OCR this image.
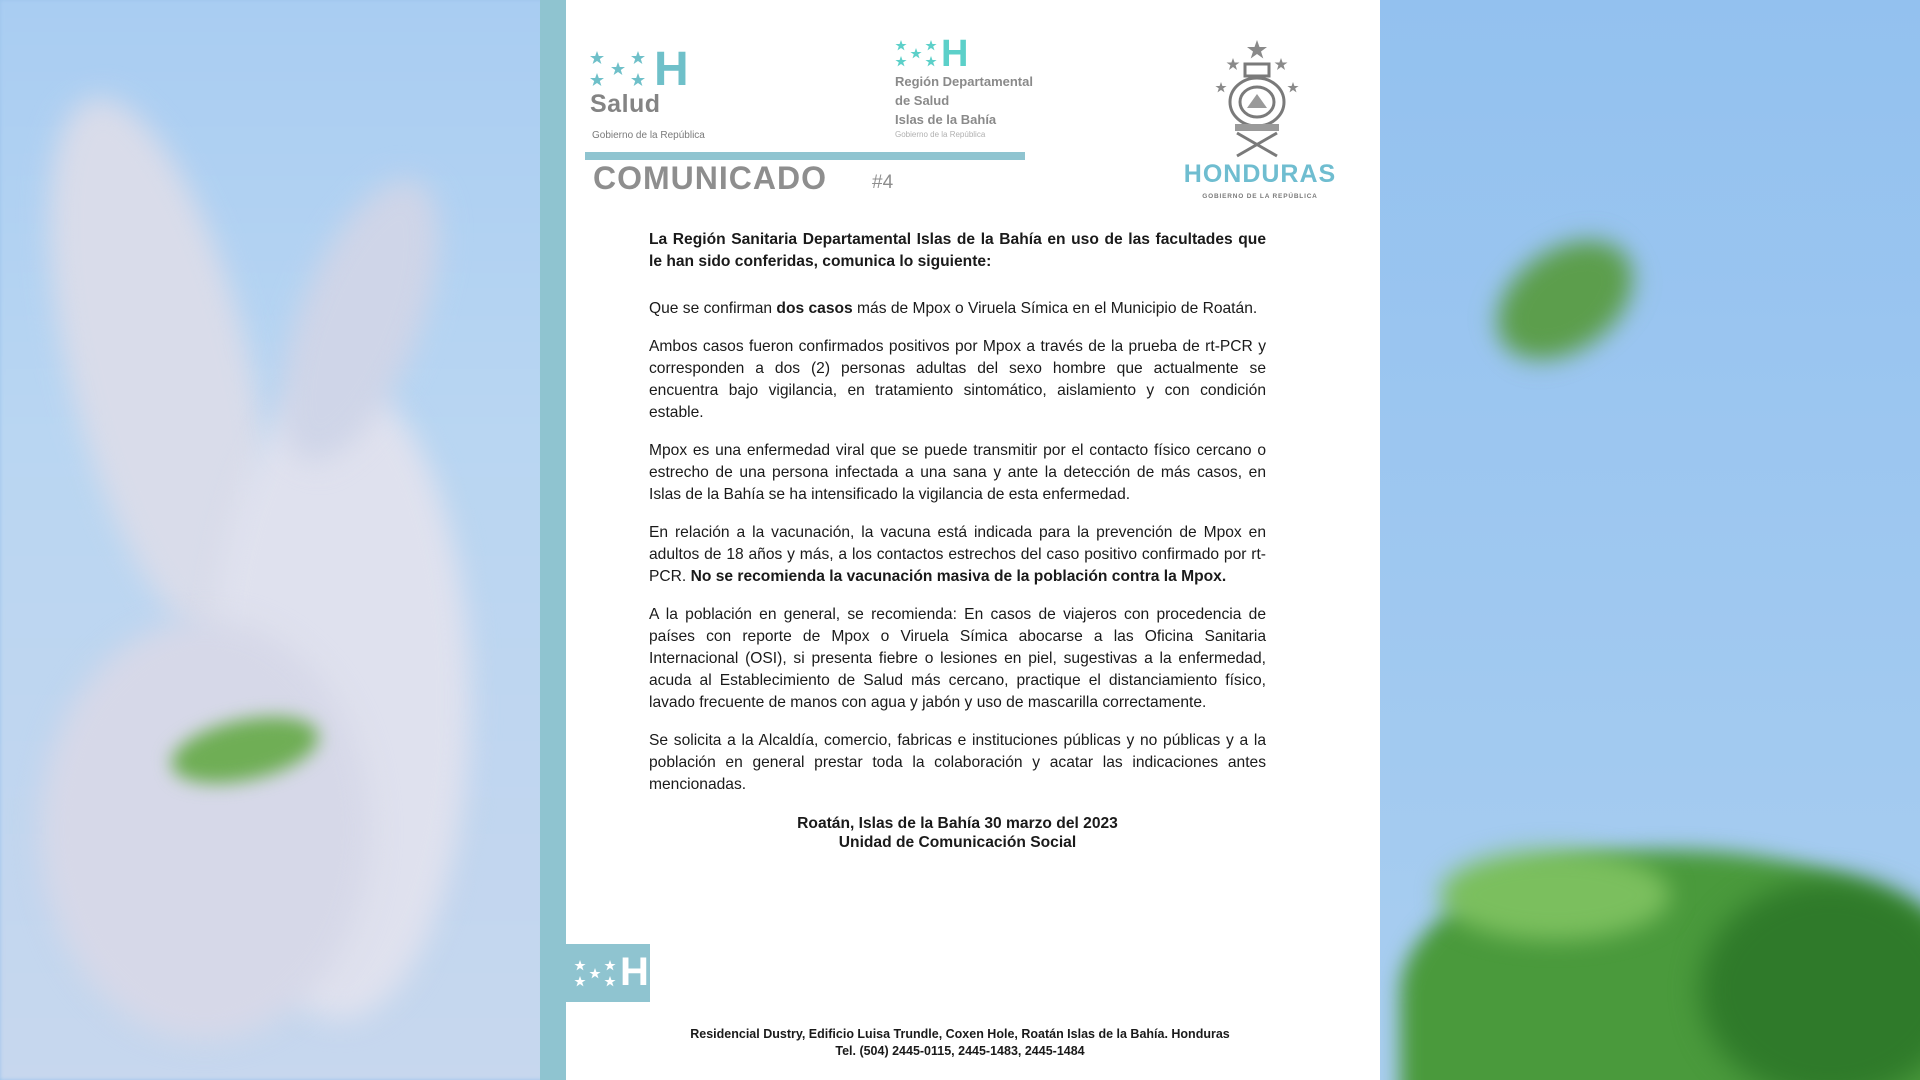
H
Salud
Gobierno de la República
H
Región Departamental
de Salud
Islas de la Bahía
Gobierno de la República
COMUNICADO #4	HONDURAS
GOBIERNO DE LA REPÚBLICA

La Región Sanitaria Departamental Islas de la Bahía en uso de las facultades que le han sido conferidas, comunica lo siguiente:

Que se confirman dos casos más de Mpox o Viruela Símica en el Municipio de Roatán.

Ambos casos fueron confirmados positivos por Mpox a través de la prueba de rt-PCR y corresponden a dos (2) personas adultas del sexo hombre que actualmente se encuentra bajo vigilancia, en tratamiento sintomático, aislamiento y con condición estable.

Mpox es una enfermedad viral que se puede transmitir por el contacto físico cercano o estrecho de una persona infectada a una sana y ante la detección de más casos, en Islas de la Bahía se ha intensificado la vigilancia de esta enfermedad.

En relación a la vacunación, la vacuna está indicada para la prevención de Mpox en adultos de 18 años y más, a los contactos estrechos del caso positivo confirmado por rt-PCR. No se recomienda la vacunación masiva de la población contra la Mpox.

A la población en general, se recomienda: En casos de viajeros con procedencia de países con reporte de Mpox o Viruela Símica abocarse a las Oficina Sanitaria Internacional (OSI), si presenta fiebre o lesiones en piel, sugestivas a la enfermedad, acuda al Establecimiento de Salud más cercano, practique el distanciamiento físico, lavado frecuente de manos con agua y jabón y uso de mascarilla correctamente.

Se solicita a la Alcaldía, comercio, fabricas e instituciones públicas y no públicas y a la población en general prestar toda la colaboración y acatar las indicaciones antes mencionadas.

Roatán, Islas de la Bahía 30 marzo del 2023
Unidad de Comunicación Social

H
Residencial Dustry, Edificio Luisa Trundle, Coxen Hole, Roatán Islas de la Bahía. Honduras
Tel. (504) 2445-0115, 2445-1483, 2445-1484
